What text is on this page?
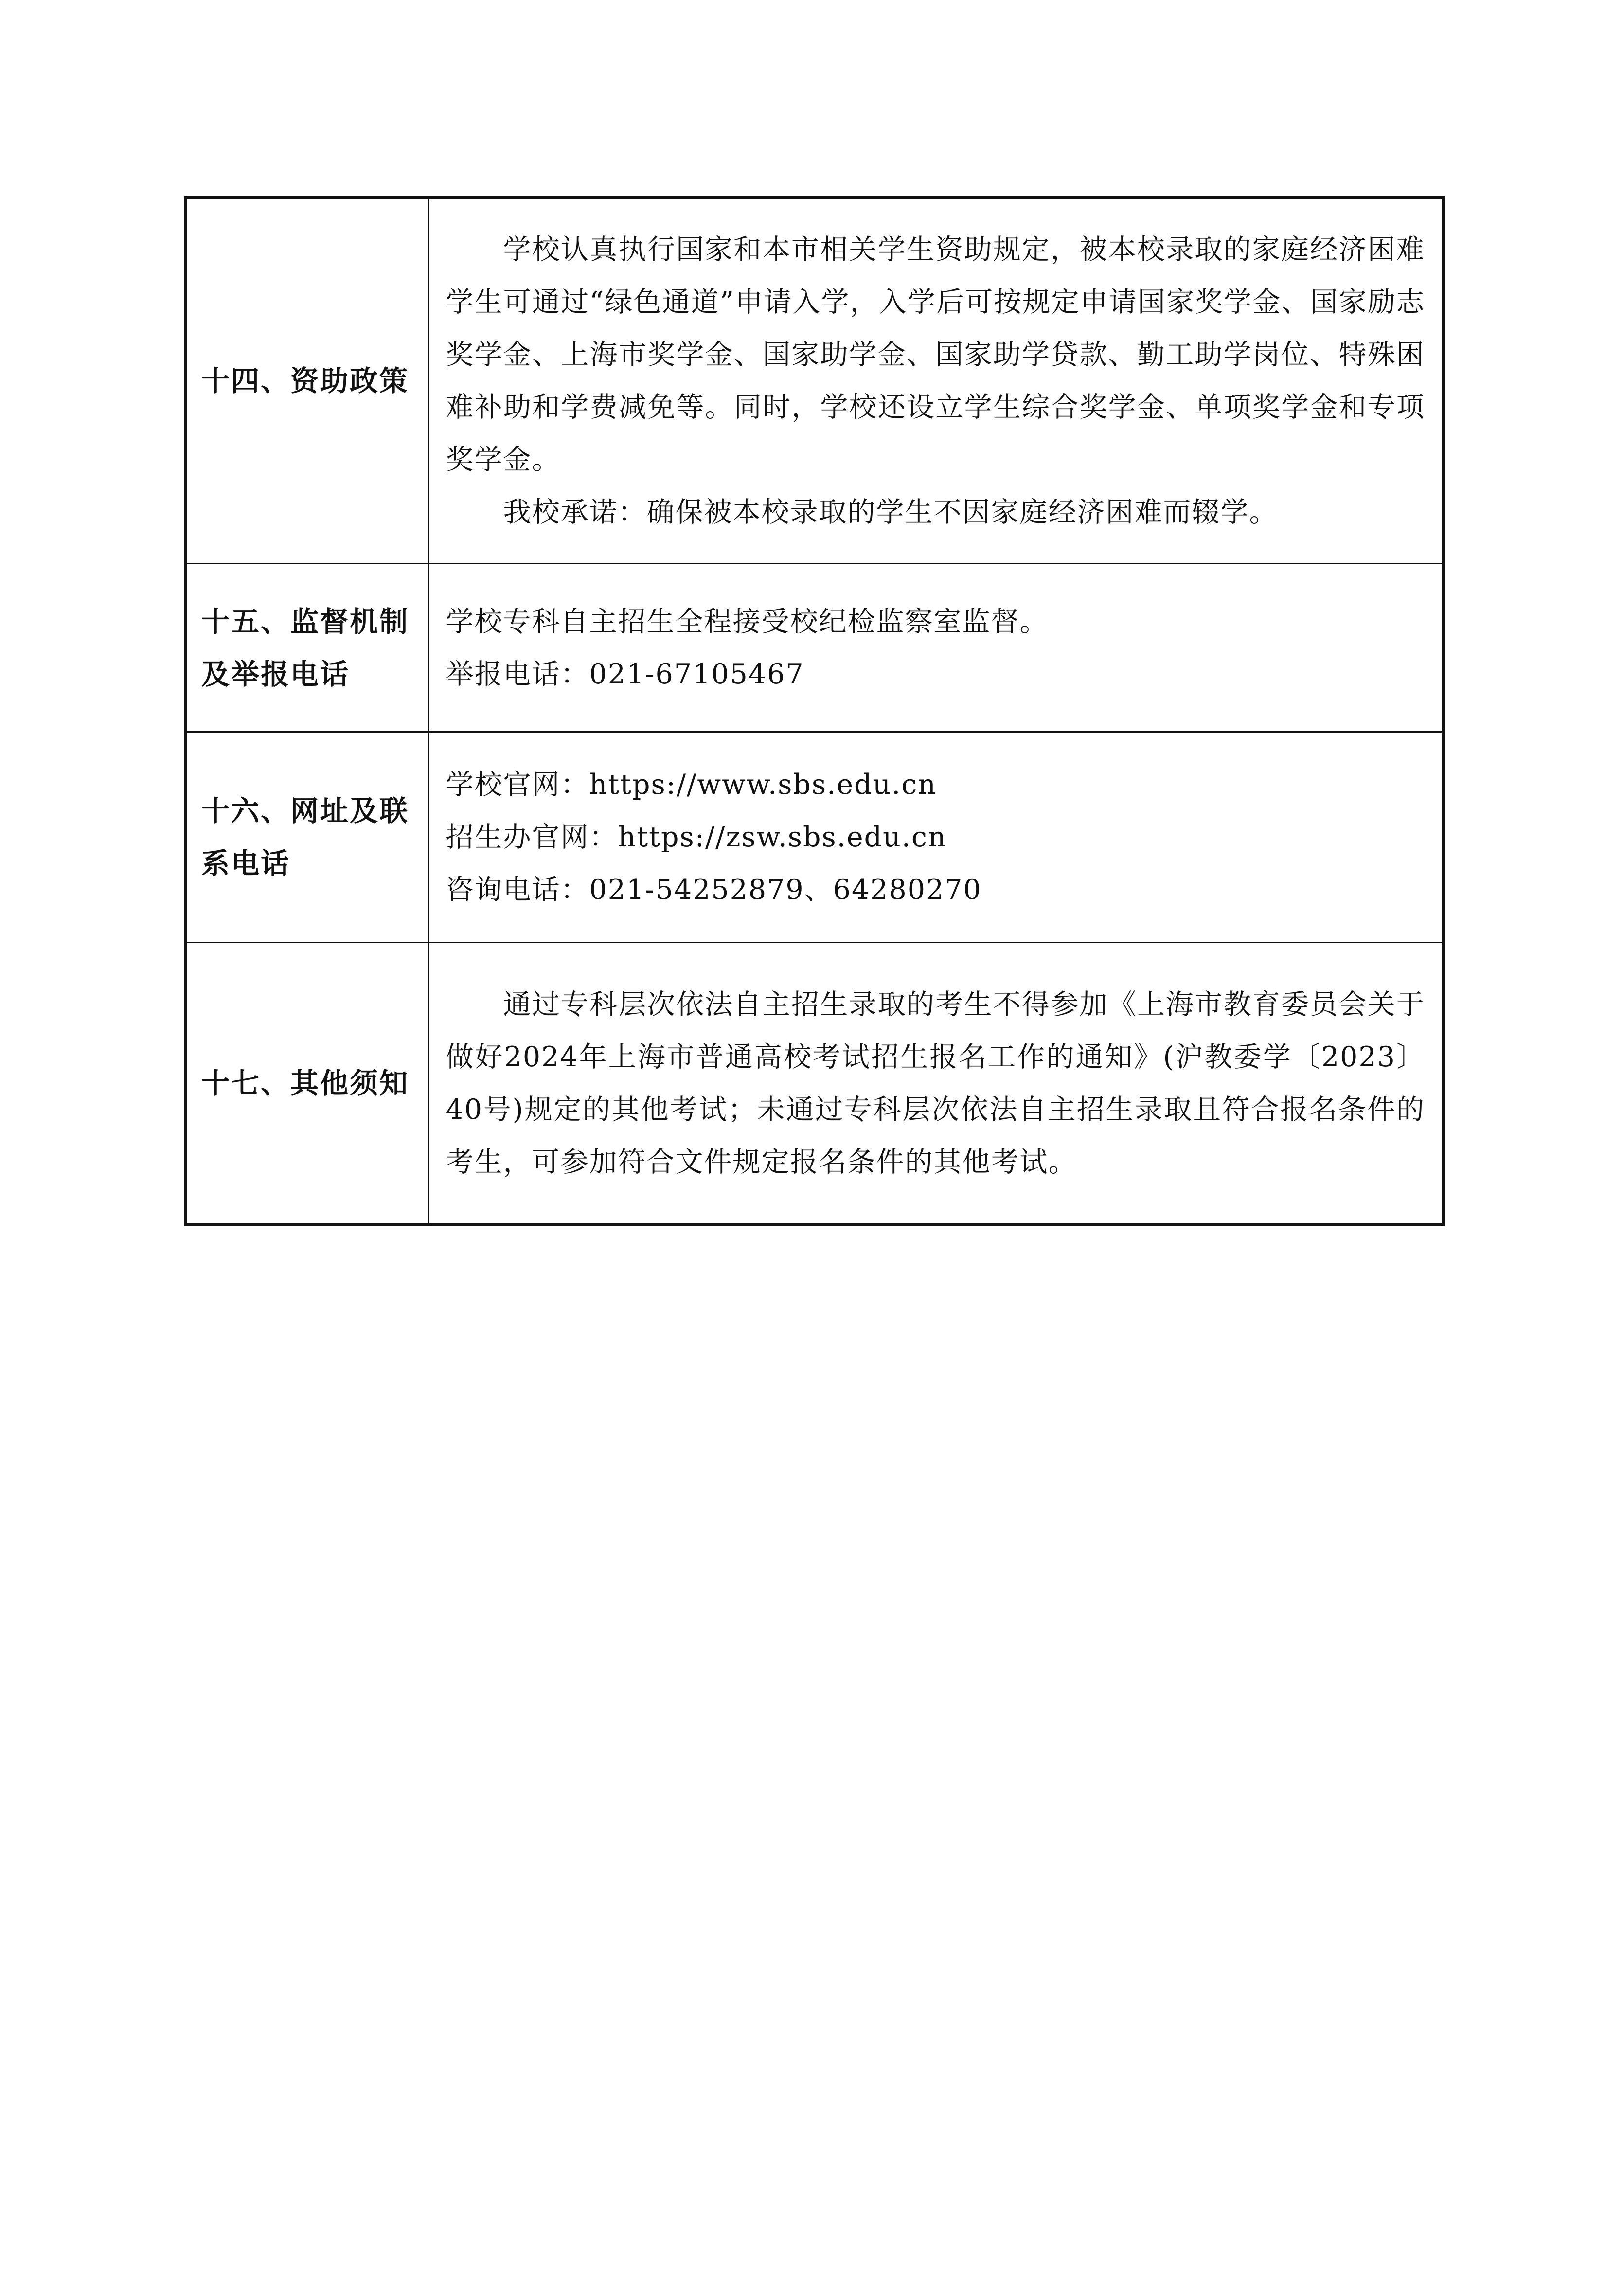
十四、资助政策	学校认真执行国家和本市相关学生资助规定，被本校录取的家庭经济困难学生可通过“绿色通道”申请入学，入学后可按规定申请国家奖学金、国家励志奖学金、上海市奖学金、国家助学金、国家助学贷款、勤工助学岗位、特殊困难补助和学费减免等。同时，学校还设立学生综合奖学金、单项奖学金和专项奖学金。

我校承诺：确保被本校录取的学生不因家庭经济困难而辍学。

十五、监督机制
及举报电话	学校专科自主招生全程接受校纪检监察室监督。
举报电话：021-67105467

十六、网址及联
系电话	学校官网：https://www.sbs.edu.cn
招生办官网：https://zsw.sbs.edu.cn
咨询电话：021-54252879、64280270

十七、其他须知	通过专科层次依法自主招生录取的考生不得参加《上海市教育委员会关于做好2024年上海市普通高校考试招生报名工作的通知》(沪教委学〔2023〕40号)规定的其他考试；未通过专科层次依法自主招生录取且符合报名条件的考生，可参加符合文件规定报名条件的其他考试。
